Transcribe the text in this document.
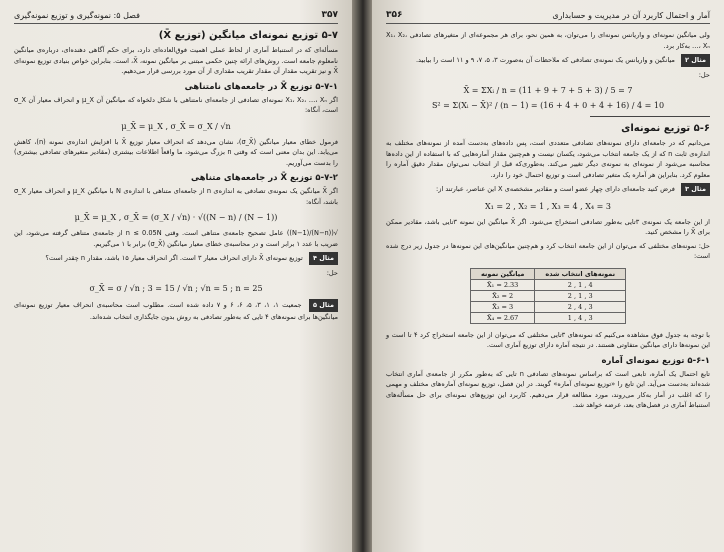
۳۵۷
فصل ۵: نمونه‌گیری و توزیع نمونه‌گیری
۵-۷ توزیع نمونه‌ای میانگین (توزیع X̄)
مسأله‌ای که در استنباط آماری از لحاظ عملی اهمیت فوق‌العاده‌ای دارد، برای حکم آگاهی دهنده‌ای، درباره‌ی میانگین نامعلوم جامعه است. روش‌های ارائه چنین حکمی مبتنی بر میانگین نمونه، X̄، است. بنابراین خواص بنیادی توزیع نمونه‌ای X̄ و نیز تقریب مقدار آن مقدار تقریب مقداری از آن مورد بررسی قرار می‌دهیم.
۵-۷-۱ توزیع X̄ در جامعه‌های نامتناهی
اگر X₁، X₂، …، Xₙ نمونه‌ای تصادفی از جامعه‌ای نامتناهی با شکل دلخواه که میانگین آن μ_X و انحراف معیار آن σ_X است، آنگاه:
μ_X̄ = μ_X , σ_X̄ = σ_X / √n
فرمول خطای معیار میانگین (σ_X̄)، نشان می‌دهد که انحراف معیار توزیع X̄ با افزایش اندازه‌ی نمونه (n)، کاهش می‌یابد. این بدان معنی است که وقتی n بزرگ می‌شود، ما واقعاً اطلاعات بیشتری (مقادیر متغیرهای تصادفی بیشتری) را بدست می‌آوریم.
۵-۷-۲ توزیع X̄ در جامعه‌های متناهی
اگر X̄ میانگین یک نمونه‌ی تصادفی به اندازه‌ی n از جامعه‌ای متناهی با اندازه‌ی N با میانگین μ_X و انحراف معیار σ_X باشد، آنگاه:
μ_X̄ = μ_X , σ_X̄ = (σ_X / √n) · √((N − n) / (N − 1))
√((N−n)/(N−1)) عامل تصحیح جامعه‌ی متناهی است. وقتی n ≤ 0.05N از جامعه‌ی متناهی گرفته می‌شود، این ضریب با عدد ۱ برابر است و در محاسبه‌ی خطای معیار میانگین (σ_X̄) برابر با ۱ می‌گیریم.
مثال ۴ توزیع نمونه‌ای X̄ دارای انحراف معیار ۳ است. اگر انحراف معیار ۱۵ باشد، مقدار n چقدر است؟
حل:
σ_X̄ = σ / √n ; 3 = 15 / √n ; √n = 5 ; n = 25
مثال ۵ جمعیت ۱، ۱، ۳، ۵، ۶، ۶ و ۷ داده شده است. مطلوب است محاسبه‌ی انحراف معیار توزیع نمونه‌ای میانگین‌ها برای نمونه‌های ۴ تایی که به‌طور تصادفی به روش بدون جایگذاری انتخاب شده‌اند.
آمار و احتمال کاربرد آن در مدیریت و حسابداری
۳۵۶
ولی میانگین نمونه‌ای و واریانس نمونه‌ای را می‌توان، به همین نحو، برای هر مجموعه‌ای از متغیرهای تصادفی X₁، X₂، …، Xₙ به‌کار برد.
مثال ۲ میانگین و واریانس یک نمونه‌ی تصادفی که ملاحظات آن به‌صورت ۳، ۵، ۷، ۹ و ۱۱ است را بیابید.
حل:
X̄ = ΣXᵢ / n = (11 + 9 + 7 + 5 + 3) / 5 = 7
S² = Σ(Xᵢ − X̄)² / (n − 1) = (16 + 4 + 0 + 4 + 16) / 4 = 10
۵-۶ توزیع نمونه‌ای
می‌دانیم که در جامعه‌ای دارای نمونه‌های تصادفی متعددی است، پس داده‌های به‌دست آمده از نمونه‌های مختلف به اندازه‌ی ثابت n که از یک جامعه انتخاب می‌شود، یکسان نیست و هم‌چنین مقدار آماره‌هایی که با استفاده از این داده‌ها محاسبه می‌شود از نمونه‌ای به نمونه‌ی دیگر تغییر می‌کند. به‌طوری‌که قبل از انتخاب نمی‌توان مقدار دقیق آماره را معلوم کرد. بنابراین هر آماره یک متغیر تصادفی است و توزیع احتمال خود را دارد.
مثال ۳ فرض کنید جامعه‌ای دارای چهار عضو است و مقادیر مشخصه‌ی X این عناصر، عبارتند از:
X₁ = 2 , X₂ = 1 , X₃ = 4 , X₄ = 3
از این جامعه یک نمونه‌ی ۳تایی به‌طور تصادفی استخراج می‌شود. اگر X̄ میانگین این نمونه ۳تایی باشد، مقادیر ممکن برای X̄ را مشخص کنید.
حل: نمونه‌های مختلفی که می‌توان از این جامعه انتخاب کرد و هم‌چنین میانگین‌های این نمونه‌ها در جدول زیر درج شده است:
میانگین نمونه	نمونه‌های انتخاب شده
X̄₁ = 2.33	2 , 1 , 4
X̄₂ = 2	2 , 1 , 3
X̄₃ = 3	2 , 4 , 3
X̄₄ = 2.67	1 , 4 , 3
با توجه به جدول فوق مشاهده می‌کنیم که نمونه‌های ۳تایی مختلفی که می‌توان از این جامعه استخراج کرد ۴ تا است و این نمونه‌ها دارای میانگین متفاوتی هستند. در نتیجه آماره دارای توزیع آماری است.
۵-۶-۱ توزیع نمونه‌ای آماره
تابع احتمال یک آماره، تابعی است که براساس نمونه‌های تصادفی n تایی که به‌طور مکرر از جامعه‌ی آماری انتخاب شده‌اند به‌دست می‌آید. این تابع را «توزیع نمونه‌ای آماره» گویند. در این فصل، توزیع نمونه‌ای آماره‌های مختلف و مهمی را که اغلب در آمار به‌کار می‌روند، مورد مطالعه قرار می‌دهیم. کاربرد این توزیع‌های نمونه‌ای برای حل مسأله‌های استنباط آماری در فصل‌های بعد، عرضه خواهد شد.
